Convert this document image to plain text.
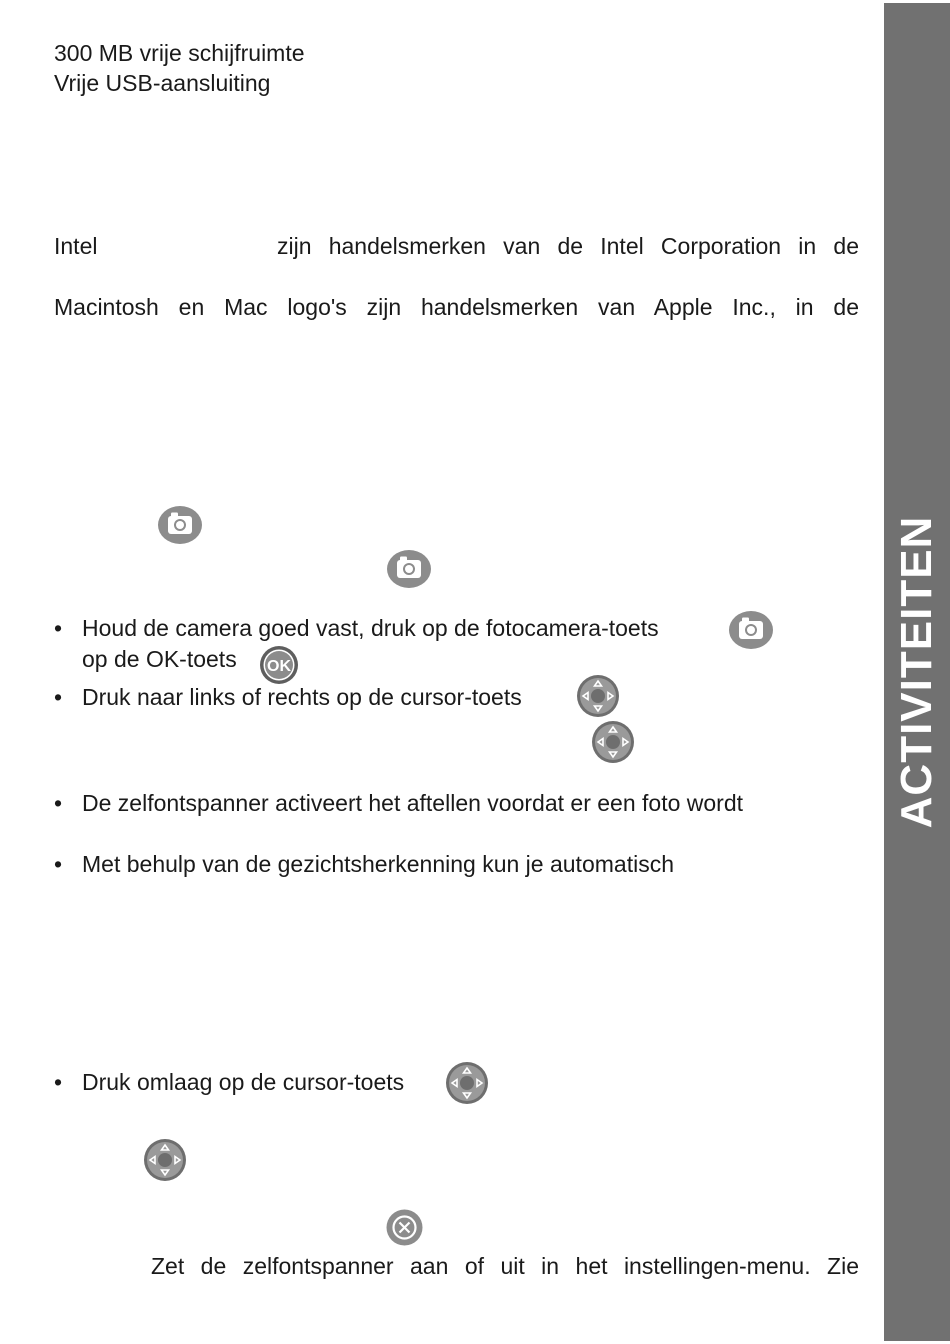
300 MB vrije schijfruimte
Vrije USB-aansluiting
Intel	zijn handelsmerken van de Intel Corporation in de
Macintosh en Mac logo's zijn handelsmerken van Apple Inc., in de
• Houd de camera goed vast, druk op de fotocamera-toets
op de OK-toets OK
• Druk naar links of rechts op de cursor-toets
• De zelfontspanner activeert het aftellen voordat er een foto wordt
• Met behulp van de gezichtsherkenning kun je automatisch
• Druk omlaag op de cursor-toets
Zet de zelfontspanner aan of uit in het instellingen-menu. Zie
ACTIVITEITEN
